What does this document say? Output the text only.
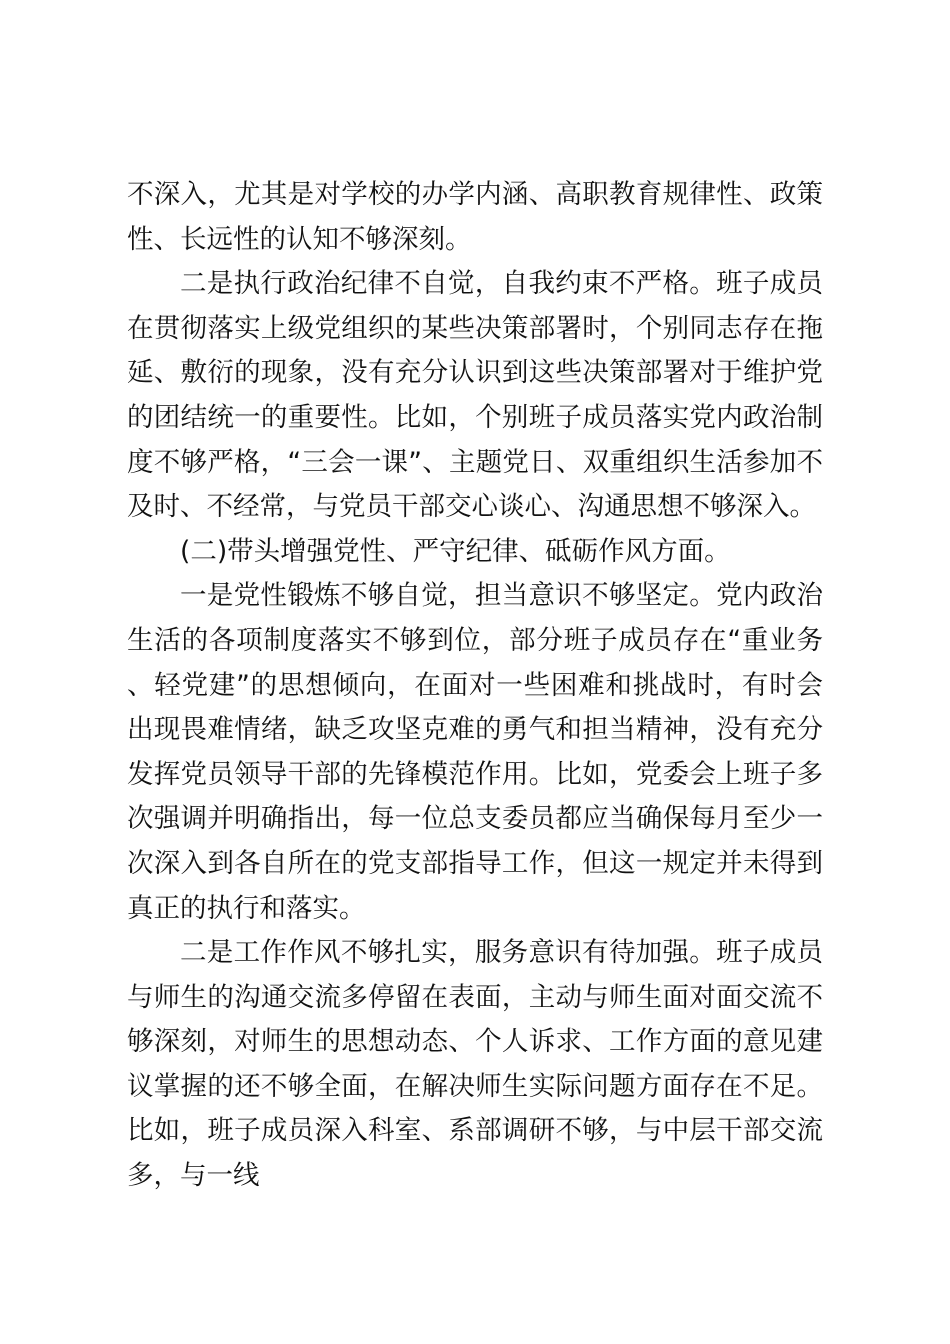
不深入，尤其是对学校的办学内涵、高职教育规律性、政策性、长远性的认知不够深刻。

二是执行政治纪律不自觉，自我约束不严格。班子成员在贯彻落实上级党组织的某些决策部署时，个别同志存在拖延、敷衍的现象，没有充分认识到这些决策部署对于维护党的团结统一的重要性。比如，个别班子成员落实党内政治制度不够严格，“三会一课”、主题党日、双重组织生活参加不及时、不经常，与党员干部交心谈心、沟通思想不够深入。

(二)带头增强党性、严守纪律、砥砺作风方面。

一是党性锻炼不够自觉，担当意识不够坚定。党内政治生活的各项制度落实不够到位，部分班子成员存在“重业务、轻党建”的思想倾向，在面对一些困难和挑战时，有时会出现畏难情绪，缺乏攻坚克难的勇气和担当精神，没有充分发挥党员领导干部的先锋模范作用。比如，党委会上班子多次强调并明确指出，每一位总支委员都应当确保每月至少一次深入到各自所在的党支部指导工作，但这一规定并未得到真正的执行和落实。

二是工作作风不够扎实，服务意识有待加强。班子成员与师生的沟通交流多停留在表面，主动与师生面对面交流不够深刻，对师生的思想动态、个人诉求、工作方面的意见建议掌握的还不够全面，在解决师生实际问题方面存在不足。比如，班子成员深入科室、系部调研不够，与中层干部交流多，与一线
